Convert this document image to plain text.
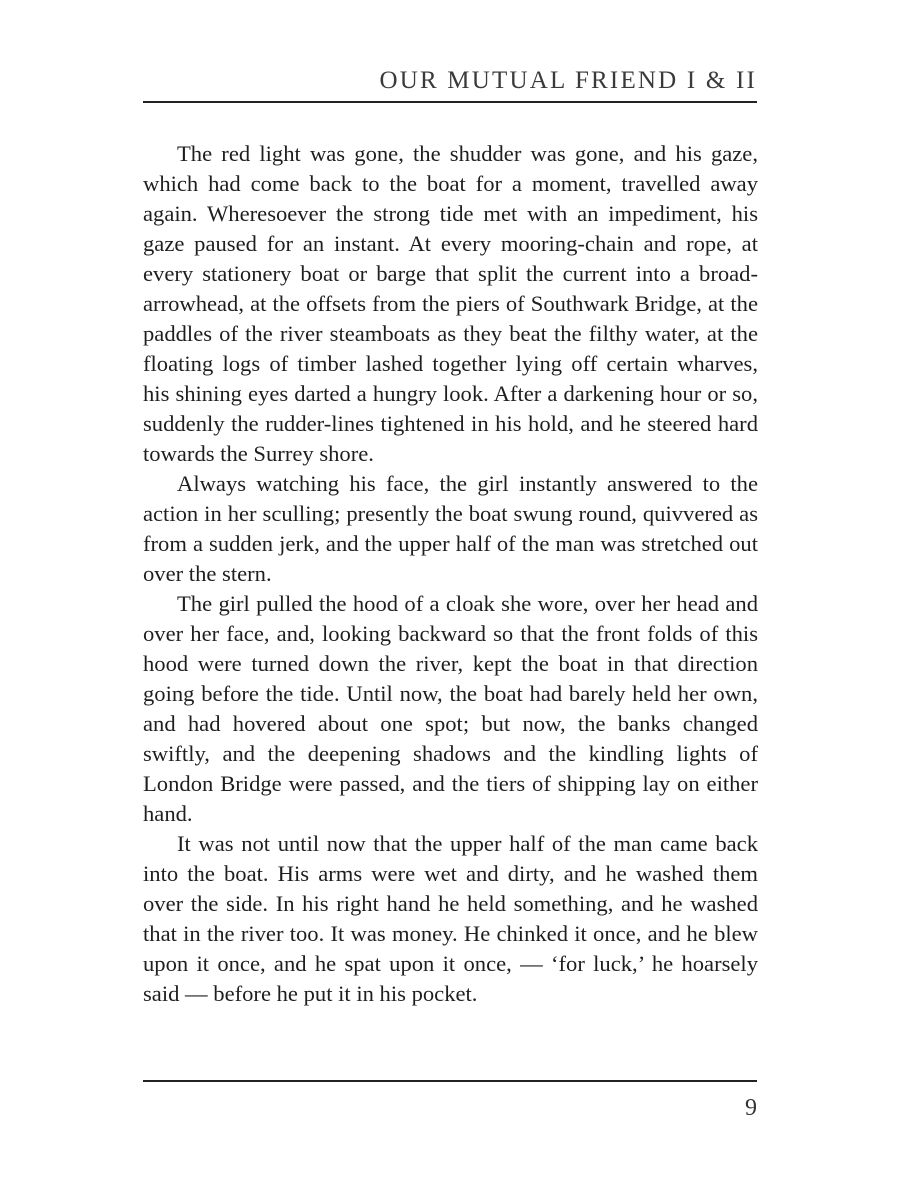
OUR MUTUAL FRIEND I & II

The red light was gone, the shudder was gone, and his gaze, which had come back to the boat for a moment, travelled away again. Wheresoever the strong tide met with an impediment, his gaze paused for an instant. At every mooring-chain and rope, at every stationery boat or barge that split the current into a broad-arrowhead, at the offsets from the piers of Southwark Bridge, at the paddles of the river steamboats as they beat the filthy water, at the floating logs of timber lashed together lying off certain wharves, his shining eyes darted a hungry look. After a darkening hour or so, suddenly the rudder-lines tightened in his hold, and he steered hard towards the Surrey shore.

Always watching his face, the girl instantly answered to the action in her sculling; presently the boat swung round, quivvered as from a sudden jerk, and the upper half of the man was stretched out over the stern.

The girl pulled the hood of a cloak she wore, over her head and over her face, and, looking backward so that the front folds of this hood were turned down the river, kept the boat in that direction going before the tide. Until now, the boat had barely held her own, and had hovered about one spot; but now, the banks changed swiftly, and the deepening shadows and the kindling lights of London Bridge were passed, and the tiers of shipping lay on either hand.

It was not until now that the upper half of the man came back into the boat. His arms were wet and dirty, and he washed them over the side. In his right hand he held something, and he washed that in the river too. It was money. He chinked it once, and he blew upon it once, and he spat upon it once, — ‘for luck,’ he hoarsely said — before he put it in his pocket.

9
